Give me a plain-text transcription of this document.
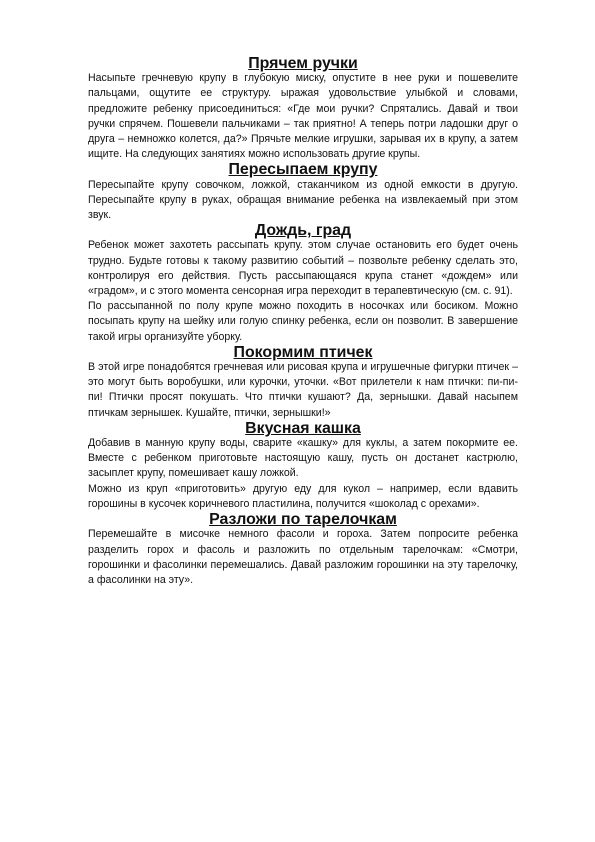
Прячем ручки

Насыпьте гречневую крупу в глубокую миску, опустите в нее руки и пошевелите пальцами, ощутите ее структуру. ыражая удовольствие улыбкой и словами, предложите ребенку присоединиться: «Где мои ручки? Спрятались. Давай и твои ручки спрячем. Пошевели пальчиками – так приятно! А теперь потри ладошки друг о друга – немножко колется, да?» Прячьте мелкие игрушки, зарывая их в крупу, а затем ищите. На следующих занятиях можно использовать другие крупы.

Пересыпаем крупу

Пересыпайте крупу совочком, ложкой, стаканчиком из одной емкости в другую. Пересыпайте крупу в руках, обращая внимание ребенка на извлекаемый при этом звук.

Дождь, град

Ребенок может захотеть рассыпать крупу. этом случае остановить его будет очень трудно. Будьте готовы к такому развитию событий – позвольте ребенку сделать это, контролируя его действия. Пусть рассыпающаяся крупа станет «дождем» или «градом», и с этого момента сенсорная игра переходит в терапевтическую (см. с. 91).

По рассыпанной по полу крупе можно походить в носочках или босиком. Можно посыпать крупу на шейку или голую спинку ребенка, если он позволит. В завершение такой игры организуйте уборку.

Покормим птичек

В этой игре понадобятся гречневая или рисовая крупа и игрушечные фигурки птичек – это могут быть воробушки, или курочки, уточки. «Вот прилетели к нам птички: пи-пи-пи! Птички просят покушать. Что птички кушают? Да, зернышки. Давай насыпем птичкам зернышек. Кушайте, птички, зернышки!»

Вкусная кашка

Добавив в манную крупу воды, сварите «кашку» для куклы, а затем покормите ее. Вместе с ребенком приготовьте настоящую кашу, пусть он достанет кастрюлю, засыплет крупу, помешивает кашу ложкой.

Можно из круп «приготовить» другую еду для кукол – например, если вдавить горошины в кусочек коричневого пластилина, получится «шоколад с орехами».

Разложи по тарелочкам

Перемешайте в мисочке немного фасоли и гороха. Затем попросите ребенка разделить горох и фасоль и разложить по отдельным тарелочкам: «Смотри, горошинки и фасолинки перемешались. Давай разложим горошинки на эту тарелочку, а фасолинки на эту».
